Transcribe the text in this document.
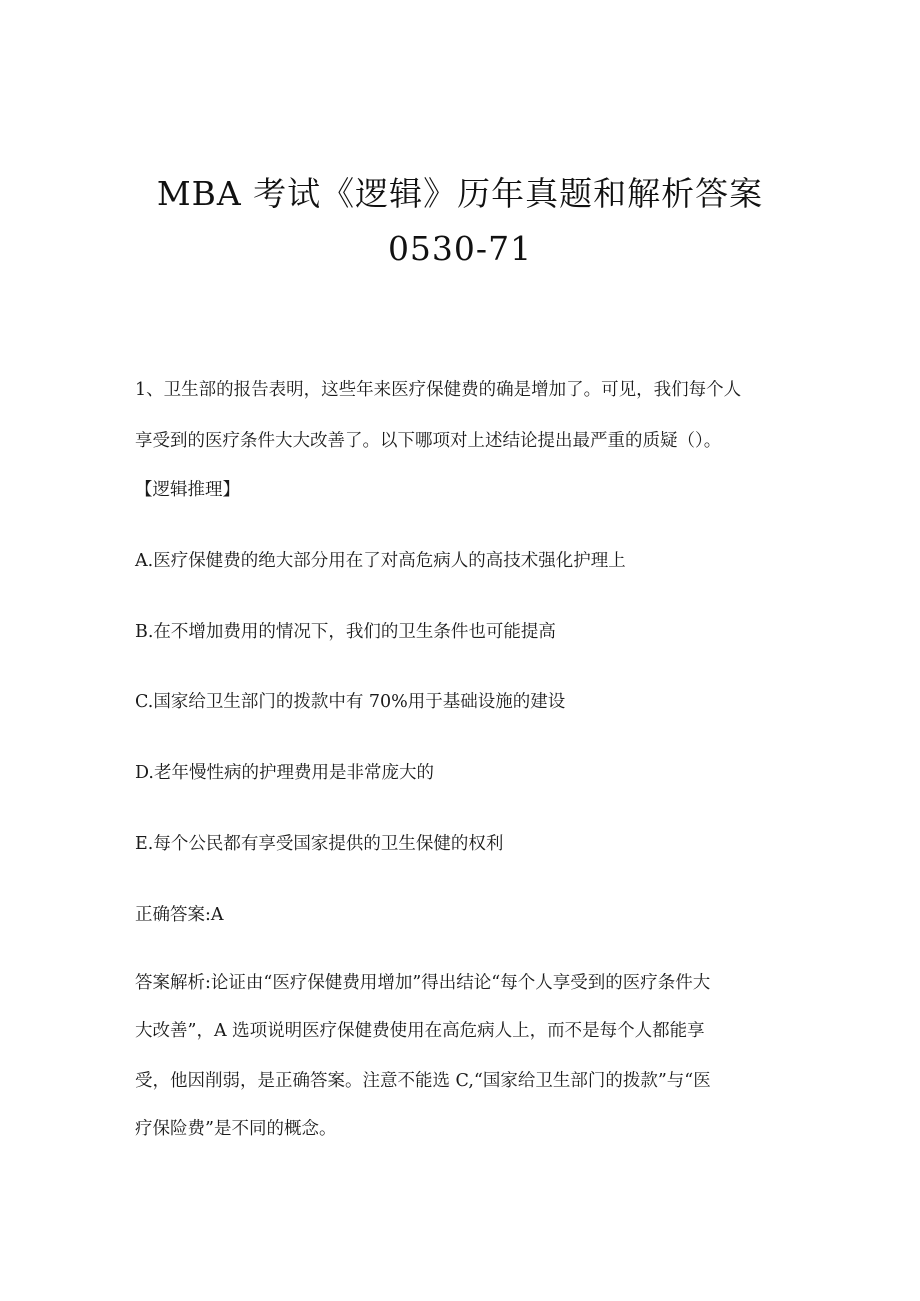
MBA 考试《逻辑》历年真题和解析答案
0530-71
1、卫生部的报告表明，这些年来医疗保健费的确是增加了。可见，我们每个人
享受到的医疗条件大大改善了。以下哪项对上述结论提出最严重的质疑（）。
【逻辑推理】
A.医疗保健费的绝大部分用在了对高危病人的高技术强化护理上
B.在不增加费用的情况下，我们的卫生条件也可能提高
C.国家给卫生部门的拨款中有 70%用于基础设施的建设
D.老年慢性病的护理费用是非常庞大的
E.每个公民都有享受国家提供的卫生保健的权利
正确答案:A
答案解析:论证由“医疗保健费用增加”得出结论“每个人享受到的医疗条件大
大改善”，A 选项说明医疗保健费使用在高危病人上，而不是每个人都能享
受，他因削弱，是正确答案。注意不能选 C,“国家给卫生部门的拨款”与“医
疗保险费”是不同的概念。
